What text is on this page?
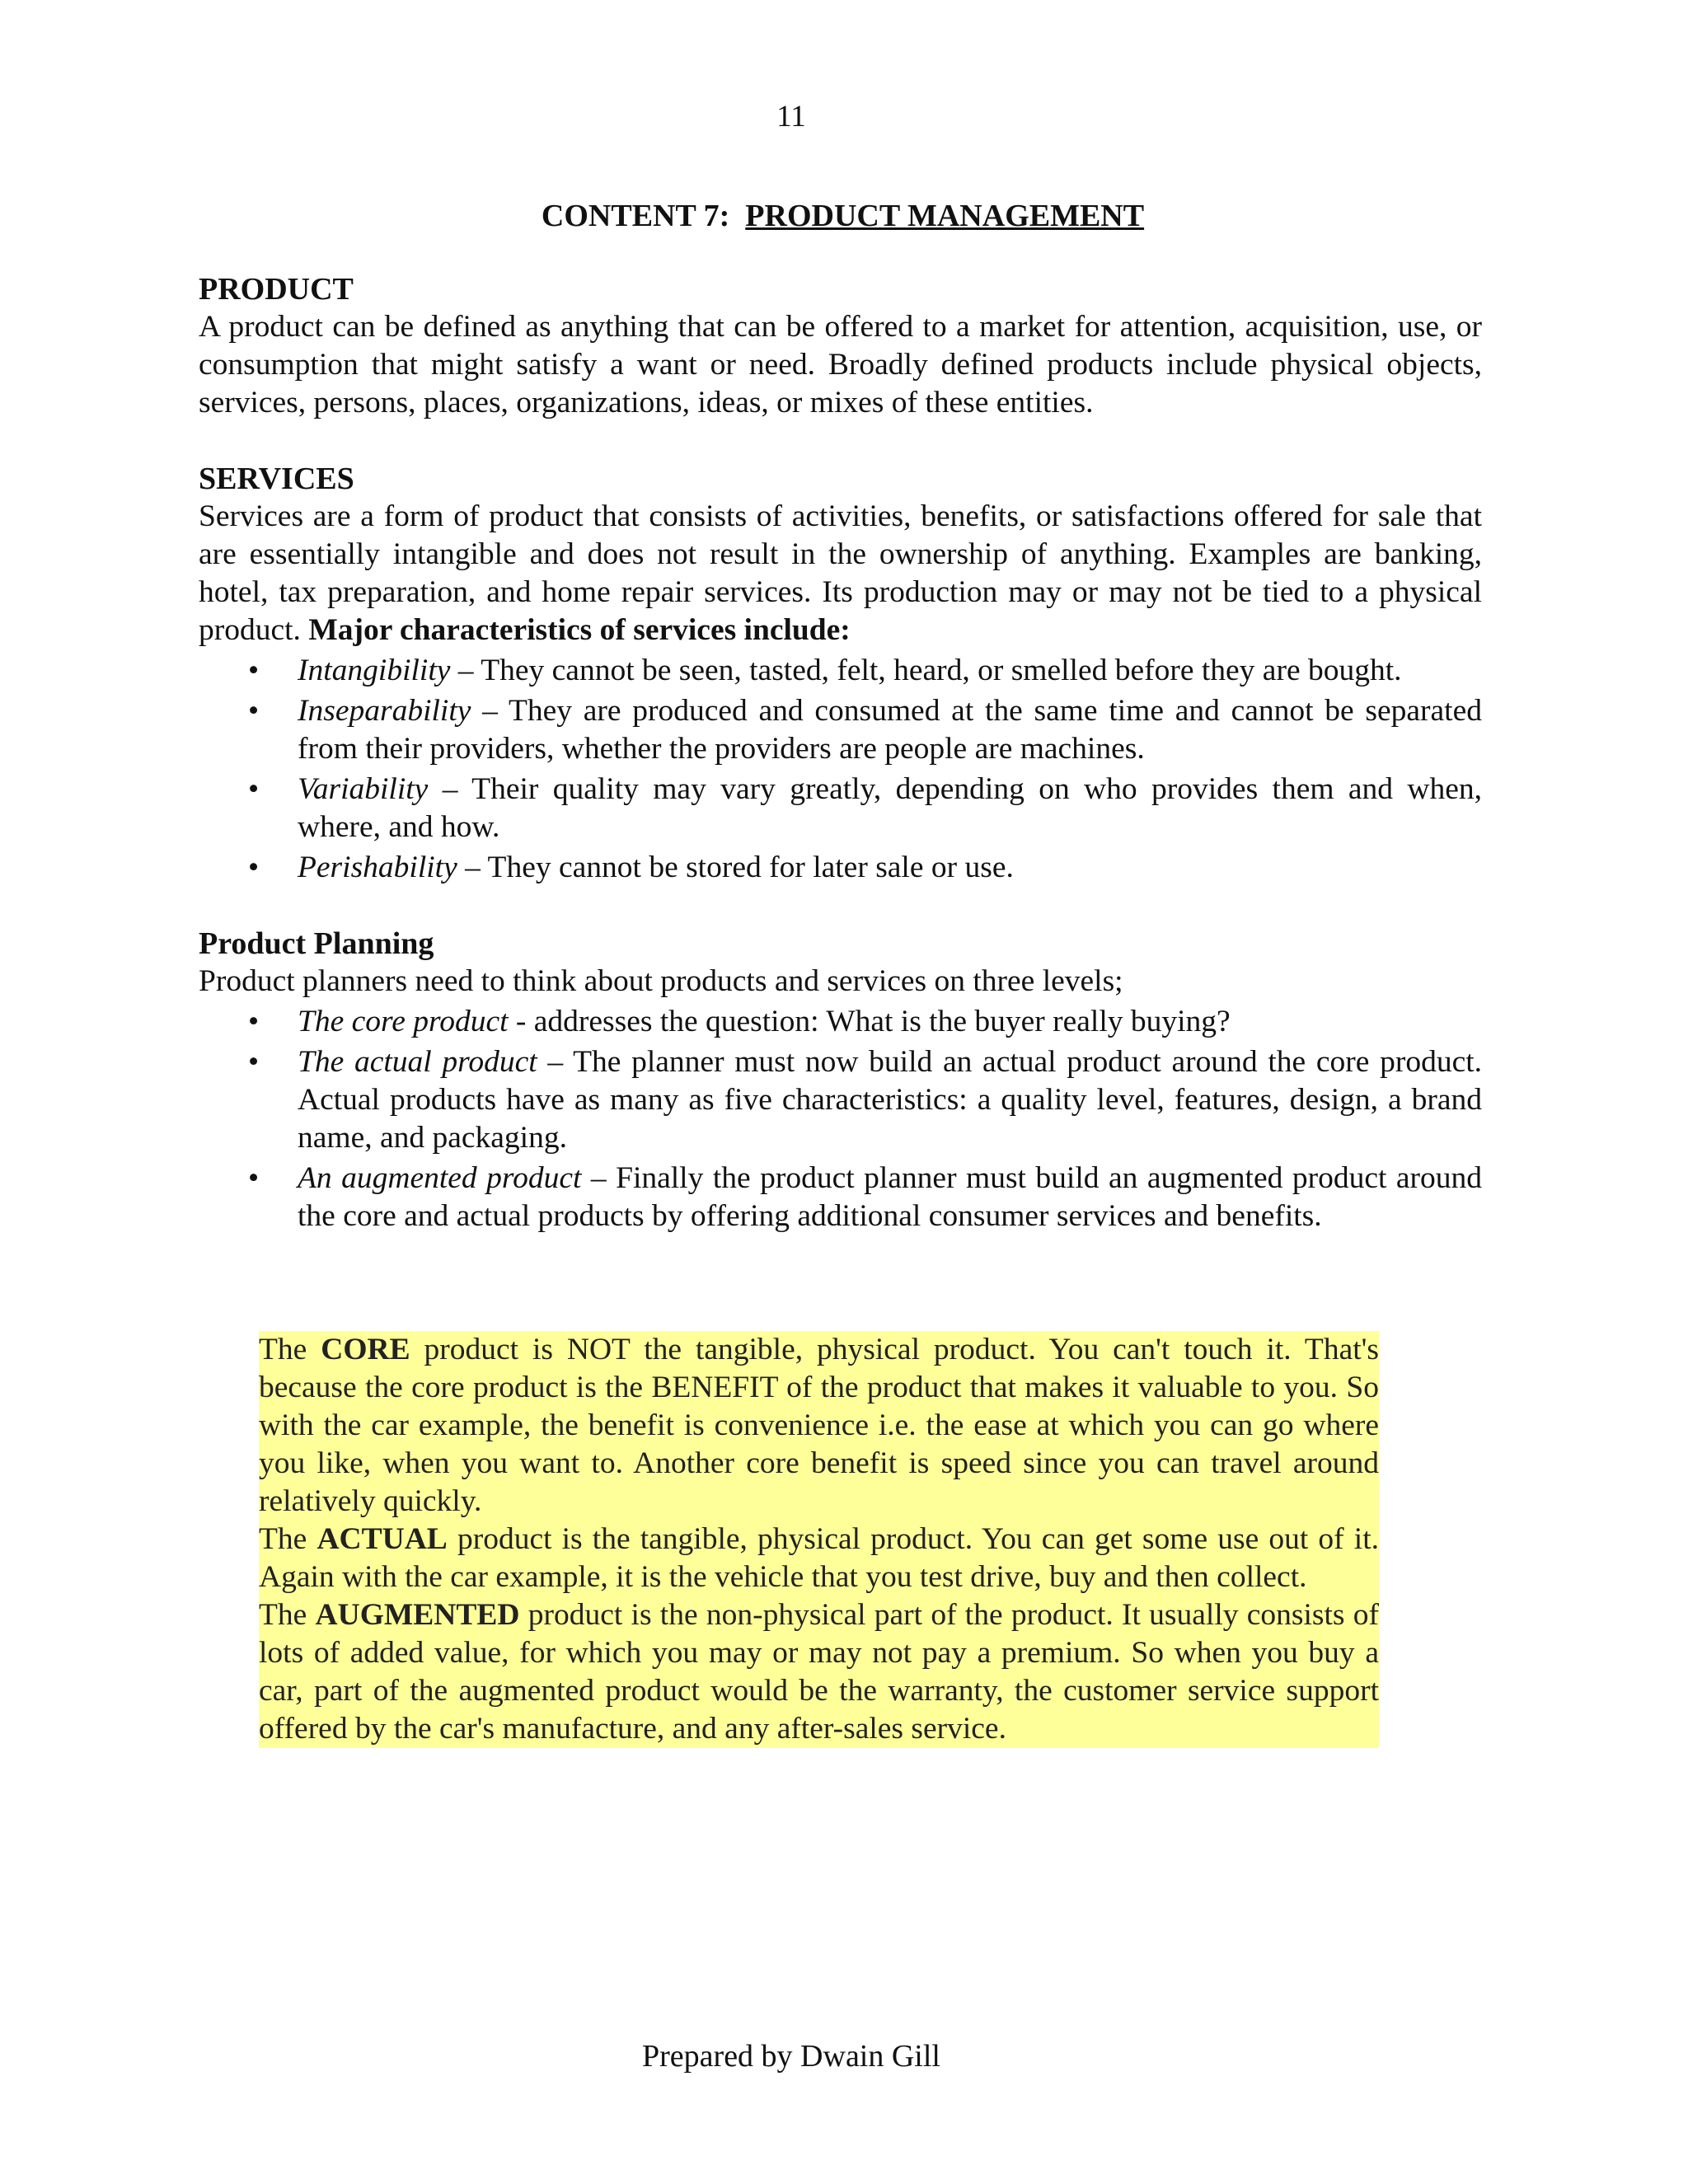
11
CONTENT 7: PRODUCT MANAGEMENT
PRODUCT

A product can be defined as anything that can be offered to a market for attention, acquisition, use, or consumption that might satisfy a want or need. Broadly defined products include physical objects, services, persons, places, organizations, ideas, or mixes of these entities.

SERVICES

Services are a form of product that consists of activities, benefits, or satisfactions offered for sale that are essentially intangible and does not result in the ownership of anything. Examples are banking, hotel, tax preparation, and home repair services. Its production may or may not be tied to a physical product. Major characteristics of services include:

• Intangibility – They cannot be seen, tasted, felt, heard, or smelled before they are bought.
• Inseparability – They are produced and consumed at the same time and cannot be separated from their providers, whether the providers are people are machines.
• Variability – Their quality may vary greatly, depending on who provides them and when, where, and how.
• Perishability – They cannot be stored for later sale or use.
Product Planning

Product planners need to think about products and services on three levels;

• The core product - addresses the question: What is the buyer really buying?
• The actual product – The planner must now build an actual product around the core product. Actual products have as many as five characteristics: a quality level, features, design, a brand name, and packaging.
• An augmented product – Finally the product planner must build an augmented product around the core and actual products by offering additional consumer services and benefits.

The CORE product is NOT the tangible, physical product. You can't touch it. That's because the core product is the BENEFIT of the product that makes it valuable to you. So with the car example, the benefit is convenience i.e. the ease at which you can go where you like, when you want to. Another core benefit is speed since you can travel around relatively quickly.

The ACTUAL product is the tangible, physical product. You can get some use out of it. Again with the car example, it is the vehicle that you test drive, buy and then collect.

The AUGMENTED product is the non-physical part of the product. It usually consists of lots of added value, for which you may or may not pay a premium. So when you buy a car, part of the augmented product would be the warranty, the customer service support offered by the car's manufacture, and any after-sales service.

Prepared by Dwain Gill
